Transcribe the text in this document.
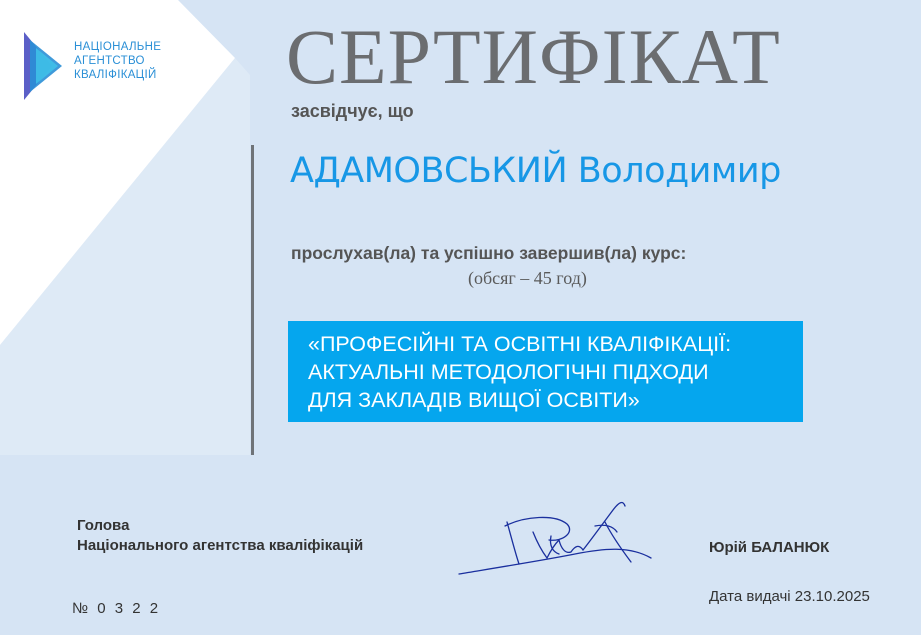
НАЦІОНАЛЬНЕ
АГЕНТСТВО
КВАЛІФІКАЦІЙ СЕРТИФІКАТ
засвідчує, що
АДАМОВСЬКИЙ Володимир
прослухав(ла) та успішно завершив(ла) курс:
(обсяг – 45 год)
«ПРОФЕСІЙНІ ТА ОСВІТНІ КВАЛІФІКАЦІЇ:
АКТУАЛЬНІ МЕТОДОЛОГІЧНІ ПІДХОДИ
ДЛЯ ЗАКЛАДІВ ВИЩОЇ ОСВІТИ»
Голова
Національного агентства кваліфікацій	Юрій БАЛАНЮК
№ 0 3 2 2
Дата видачі 23.10.2025
